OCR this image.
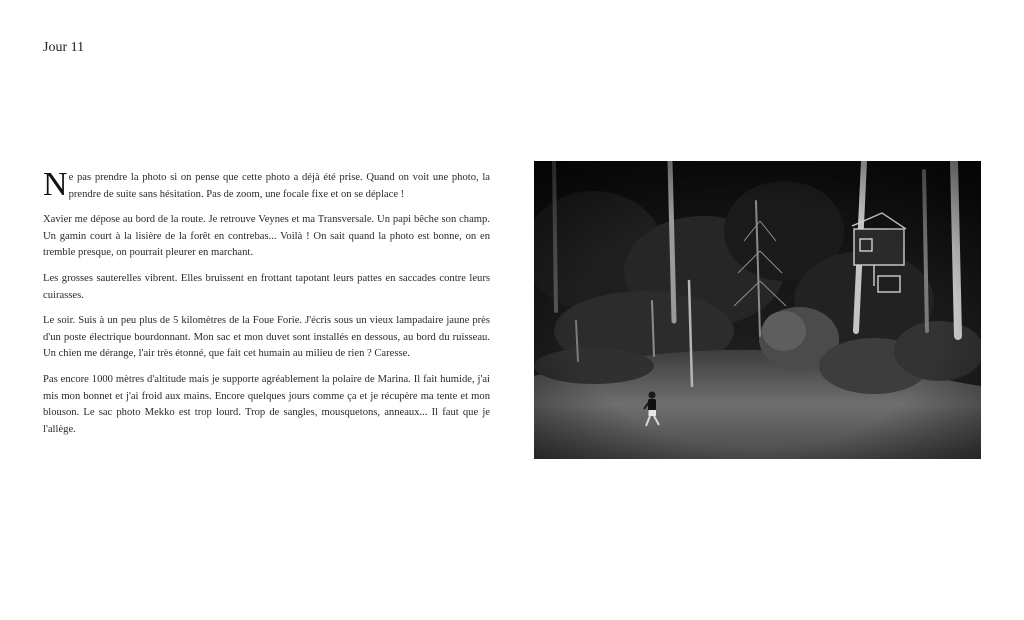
Jour 11

Ne pas prendre la photo si on pense que cette photo a déjà été prise. Quand on voit une photo, la prendre de suite sans hésitation. Pas de zoom, une focale fixe et on se déplace !

Xavier me dépose au bord de la route. Je retrouve Veynes et ma Transversale. Un papi bêche son champ. Un gamin court à la lisière de la forêt en contrebas... Voilà ! On sait quand la photo est bonne, on en tremble presque, on pourrait pleurer en marchant.

Les grosses sauterelles vibrent. Elles bruissent en frottant tapotant leurs pattes en saccades contre leurs cuirasses.

Le soir. Suis à un peu plus de 5 kilomètres de la Foue Forie. J'écris sous un vieux lampadaire jaune près d'un poste électrique bourdonnant. Mon sac et mon duvet sont installés en dessous, au bord du ruisseau. Un chien me dérange, l'air très étonné, que fait cet humain au milieu de rien ? Caresse.

Pas encore 1000 mètres d'altitude mais je supporte agréablement la polaire de Marina. Il fait humide, j'ai mis mon bonnet et j'ai froid aux mains. Encore quelques jours comme ça et je récupère ma tente et mon blouson. Le sac photo Mekko est trop lourd. Trop de sangles, mousquetons, anneaux... Il faut que je l'allège.
